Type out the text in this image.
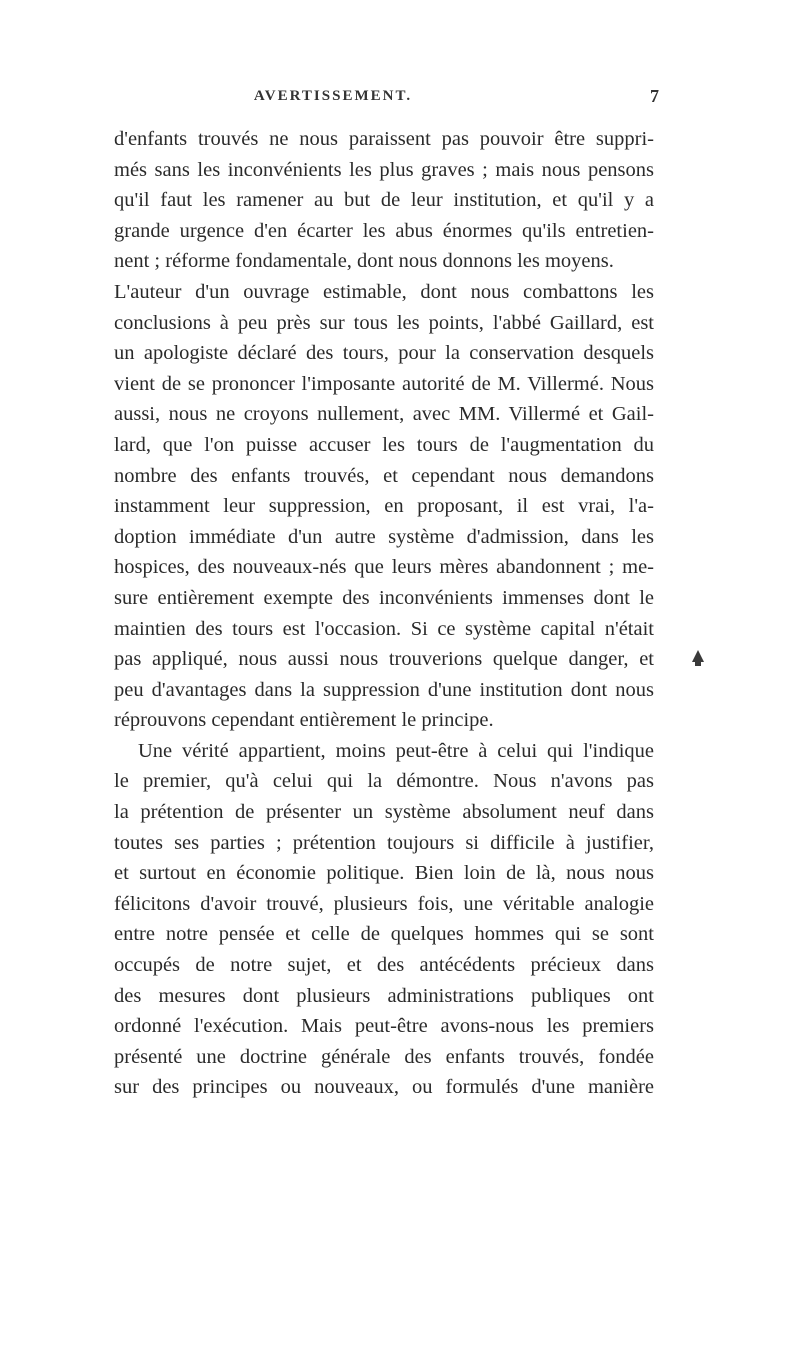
AVERTISSEMENT.	7
d'enfants trouvés ne nous paraissent pas pouvoir être suppri-
més sans les inconvénients les plus graves ; mais nous pensons
qu'il faut les ramener au but de leur institution, et qu'il y a
grande urgence d'en écarter les abus énormes qu'ils entretien-
nent ; réforme fondamentale, dont nous donnons les moyens.
L'auteur d'un ouvrage estimable, dont nous combattons les
conclusions à peu près sur tous les points, l'abbé Gaillard, est
un apologiste déclaré des tours, pour la conservation desquels
vient de se prononcer l'imposante autorité de M. Villermé. Nous
aussi, nous ne croyons nullement, avec MM. Villermé et Gail-
lard, que l'on puisse accuser les tours de l'augmentation du
nombre des enfants trouvés, et cependant nous demandons
instamment leur suppression, en proposant, il est vrai, l'a-
doption immédiate d'un autre système d'admission, dans les
hospices, des nouveaux-nés que leurs mères abandonnent ; me-
sure entièrement exempte des inconvénients immenses dont le
maintien des tours est l'occasion. Si ce système capital n'était
pas appliqué, nous aussi nous trouverions quelque danger, et
peu d'avantages dans la suppression d'une institution dont nous
réprouvons cependant entièrement le principe.
Une vérité appartient, moins peut-être à celui qui l'indique
le premier, qu'à celui qui la démontre. Nous n'avons pas
la prétention de présenter un système absolument neuf dans
toutes ses parties ; prétention toujours si difficile à justifier,
et surtout en économie politique. Bien loin de là, nous nous
félicitons d'avoir trouvé, plusieurs fois, une véritable analogie
entre notre pensée et celle de quelques hommes qui se sont
occupés de notre sujet, et des antécédents précieux dans
des mesures dont plusieurs administrations publiques ont
ordonné l'exécution. Mais peut-être avons-nous les premiers
présenté une doctrine générale des enfants trouvés, fondée
sur des principes ou nouveaux, ou formulés d'une manière
